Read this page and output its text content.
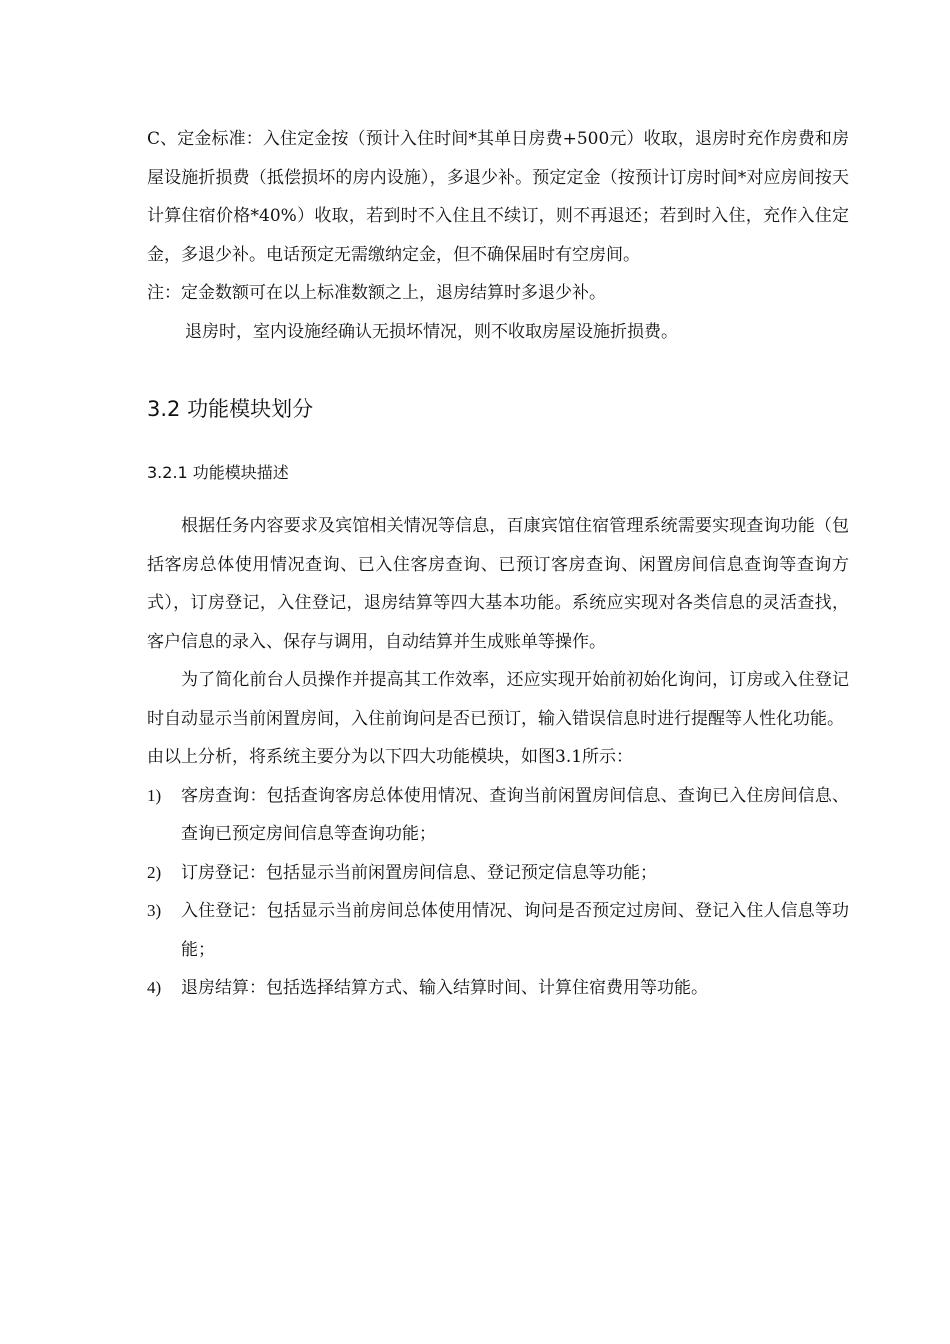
C、定金标准：入住定金按（预计入住时间*其单日房费+500元）收取，退房时充作房费和房屋设施折损费（抵偿损坏的房内设施），多退少补。预定定金（按预计订房时间*对应房间按天计算住宿价格*40%）收取，若到时不入住且不续订，则不再退还；若到时入住，充作入住定金，多退少补。电话预定无需缴纳定金，但不确保届时有空房间。

注：定金数额可在以上标准数额之上，退房结算时多退少补。

退房时，室内设施经确认无损坏情况，则不收取房屋设施折损费。

3.2 功能模块划分
3.2.1 功能模块描述

根据任务内容要求及宾馆相关情况等信息，百康宾馆住宿管理系统需要实现查询功能（包括客房总体使用情况查询、已入住客房查询、已预订客房查询、闲置房间信息查询等查询方式），订房登记，入住登记，退房结算等四大基本功能。系统应实现对各类信息的灵活查找，客户信息的录入、保存与调用，自动结算并生成账单等操作。

为了简化前台人员操作并提高其工作效率，还应实现开始前初始化询问，订房或入住登记时自动显示当前闲置房间，入住前询问是否已预订，输入错误信息时进行提醒等人性化功能。

由以上分析，将系统主要分为以下四大功能模块，如图3.1所示：

1)	客房查询：包括查询客房总体使用情况、查询当前闲置房间信息、查询已入住房间信息、查询已预定房间信息等查询功能；
2)	订房登记：包括显示当前闲置房间信息、登记预定信息等功能；
3)	入住登记：包括显示当前房间总体使用情况、询问是否预定过房间、登记入住人信息等功能；
4)	退房结算：包括选择结算方式、输入结算时间、计算住宿费用等功能。
